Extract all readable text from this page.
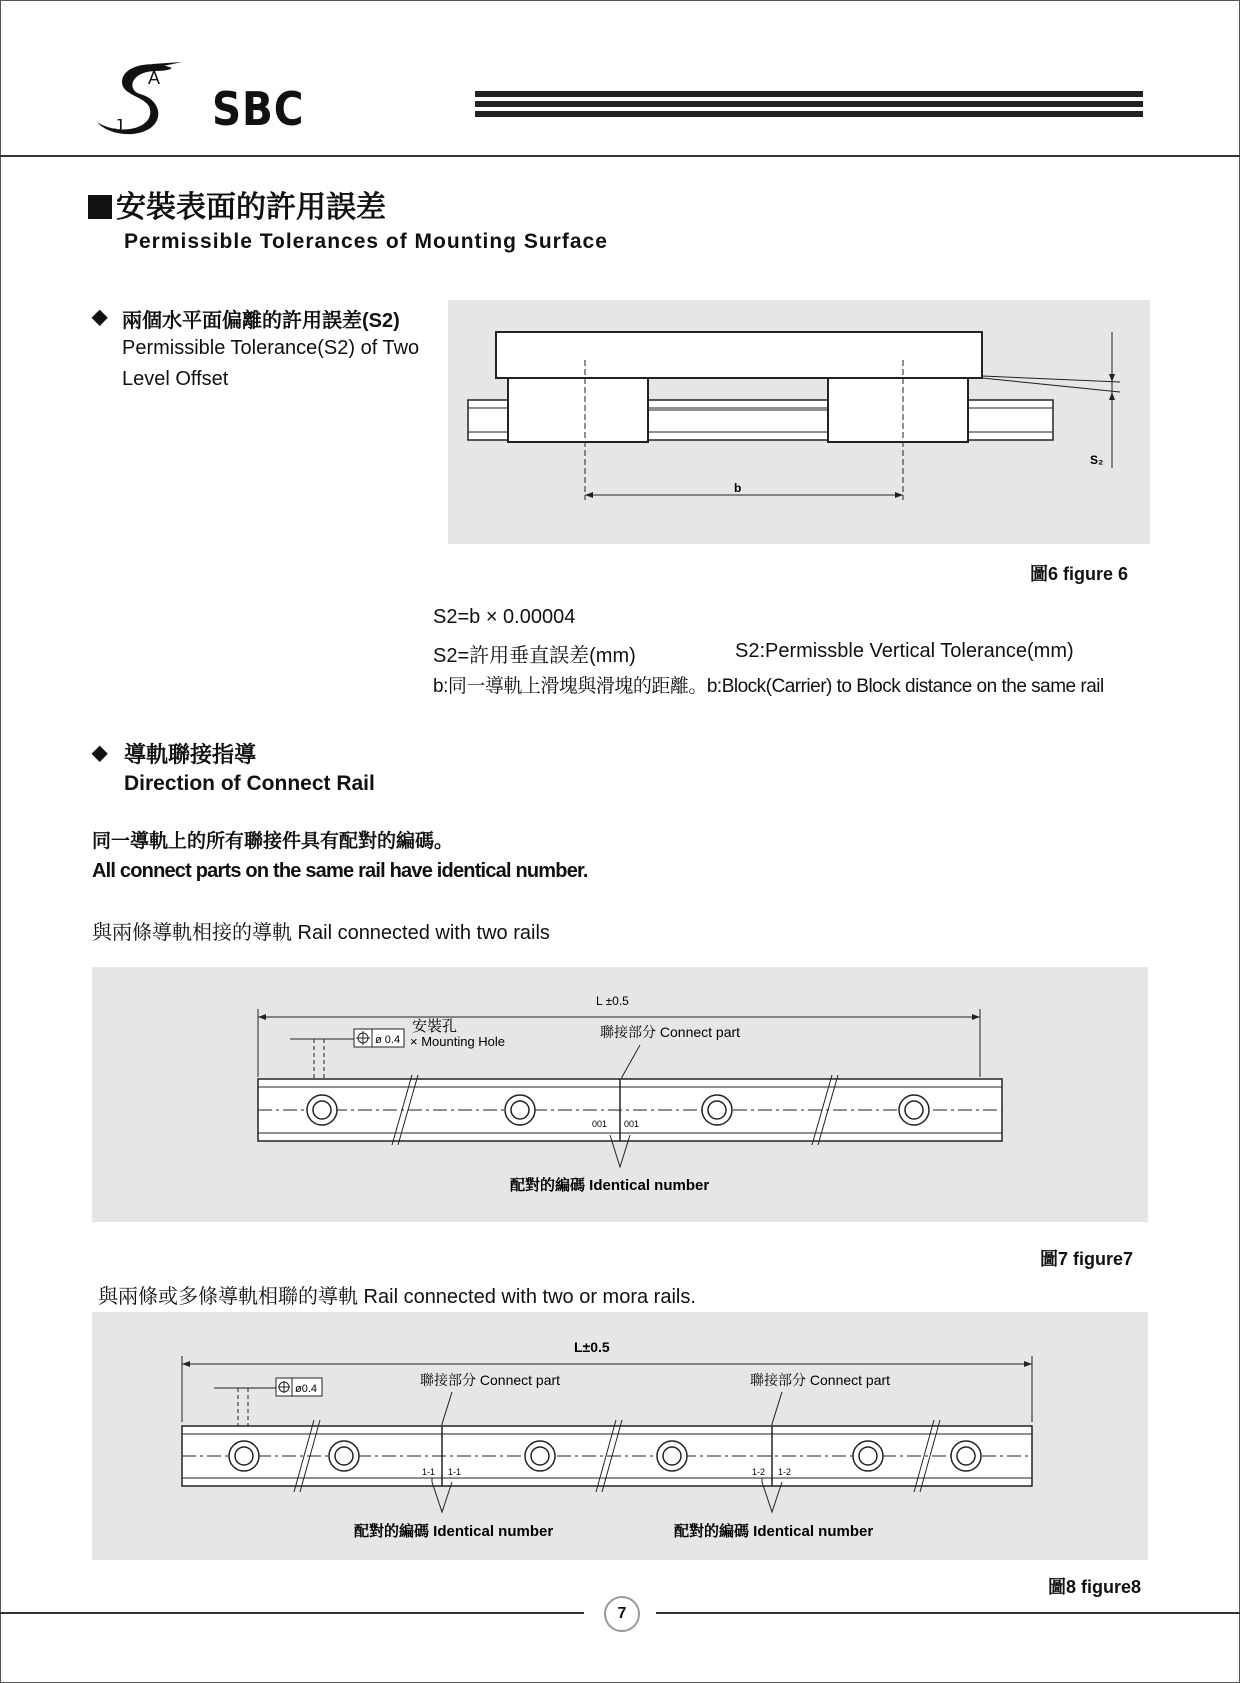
A
J SBC
安裝表面的許用誤差
Permissible Tolerances of Mounting Surface
◆ 兩個水平面偏離的許用誤差(S2)
Permissible Tolerance(S2) of Two
Level Offset
b
S₂
圖6 figure 6
S2=b × 0.00004
S2=許用垂直誤差(mm)	S2:Permissble Vertical Tolerance(mm)
b:同一導軌上滑塊與滑塊的距離。b:Block(Carrier) to Block distance on the same rail
◆ 導軌聯接指導
Direction of Connect Rail
同一導軌上的所有聯接件具有配對的編碼。
All connect parts on the same rail have identical number.
與兩條導軌相接的導軌 Rail connected with two rails
L ±0.5
ø 0.4
安裝孔
× Mounting Hole
聯接部分 Connect part
001 001
配對的編碼 Identical number
圖7 figure7
與兩條或多條導軌相聯的導軌 Rail connected with two or mora rails.
L±0.5
ø0.4
聯接部分 Connect part	聯接部分 Connect part
1-1 1-1	1-2 1-2
配對的編碼 Identical number	配對的編碼 Identical number
圖8 figure8
7
